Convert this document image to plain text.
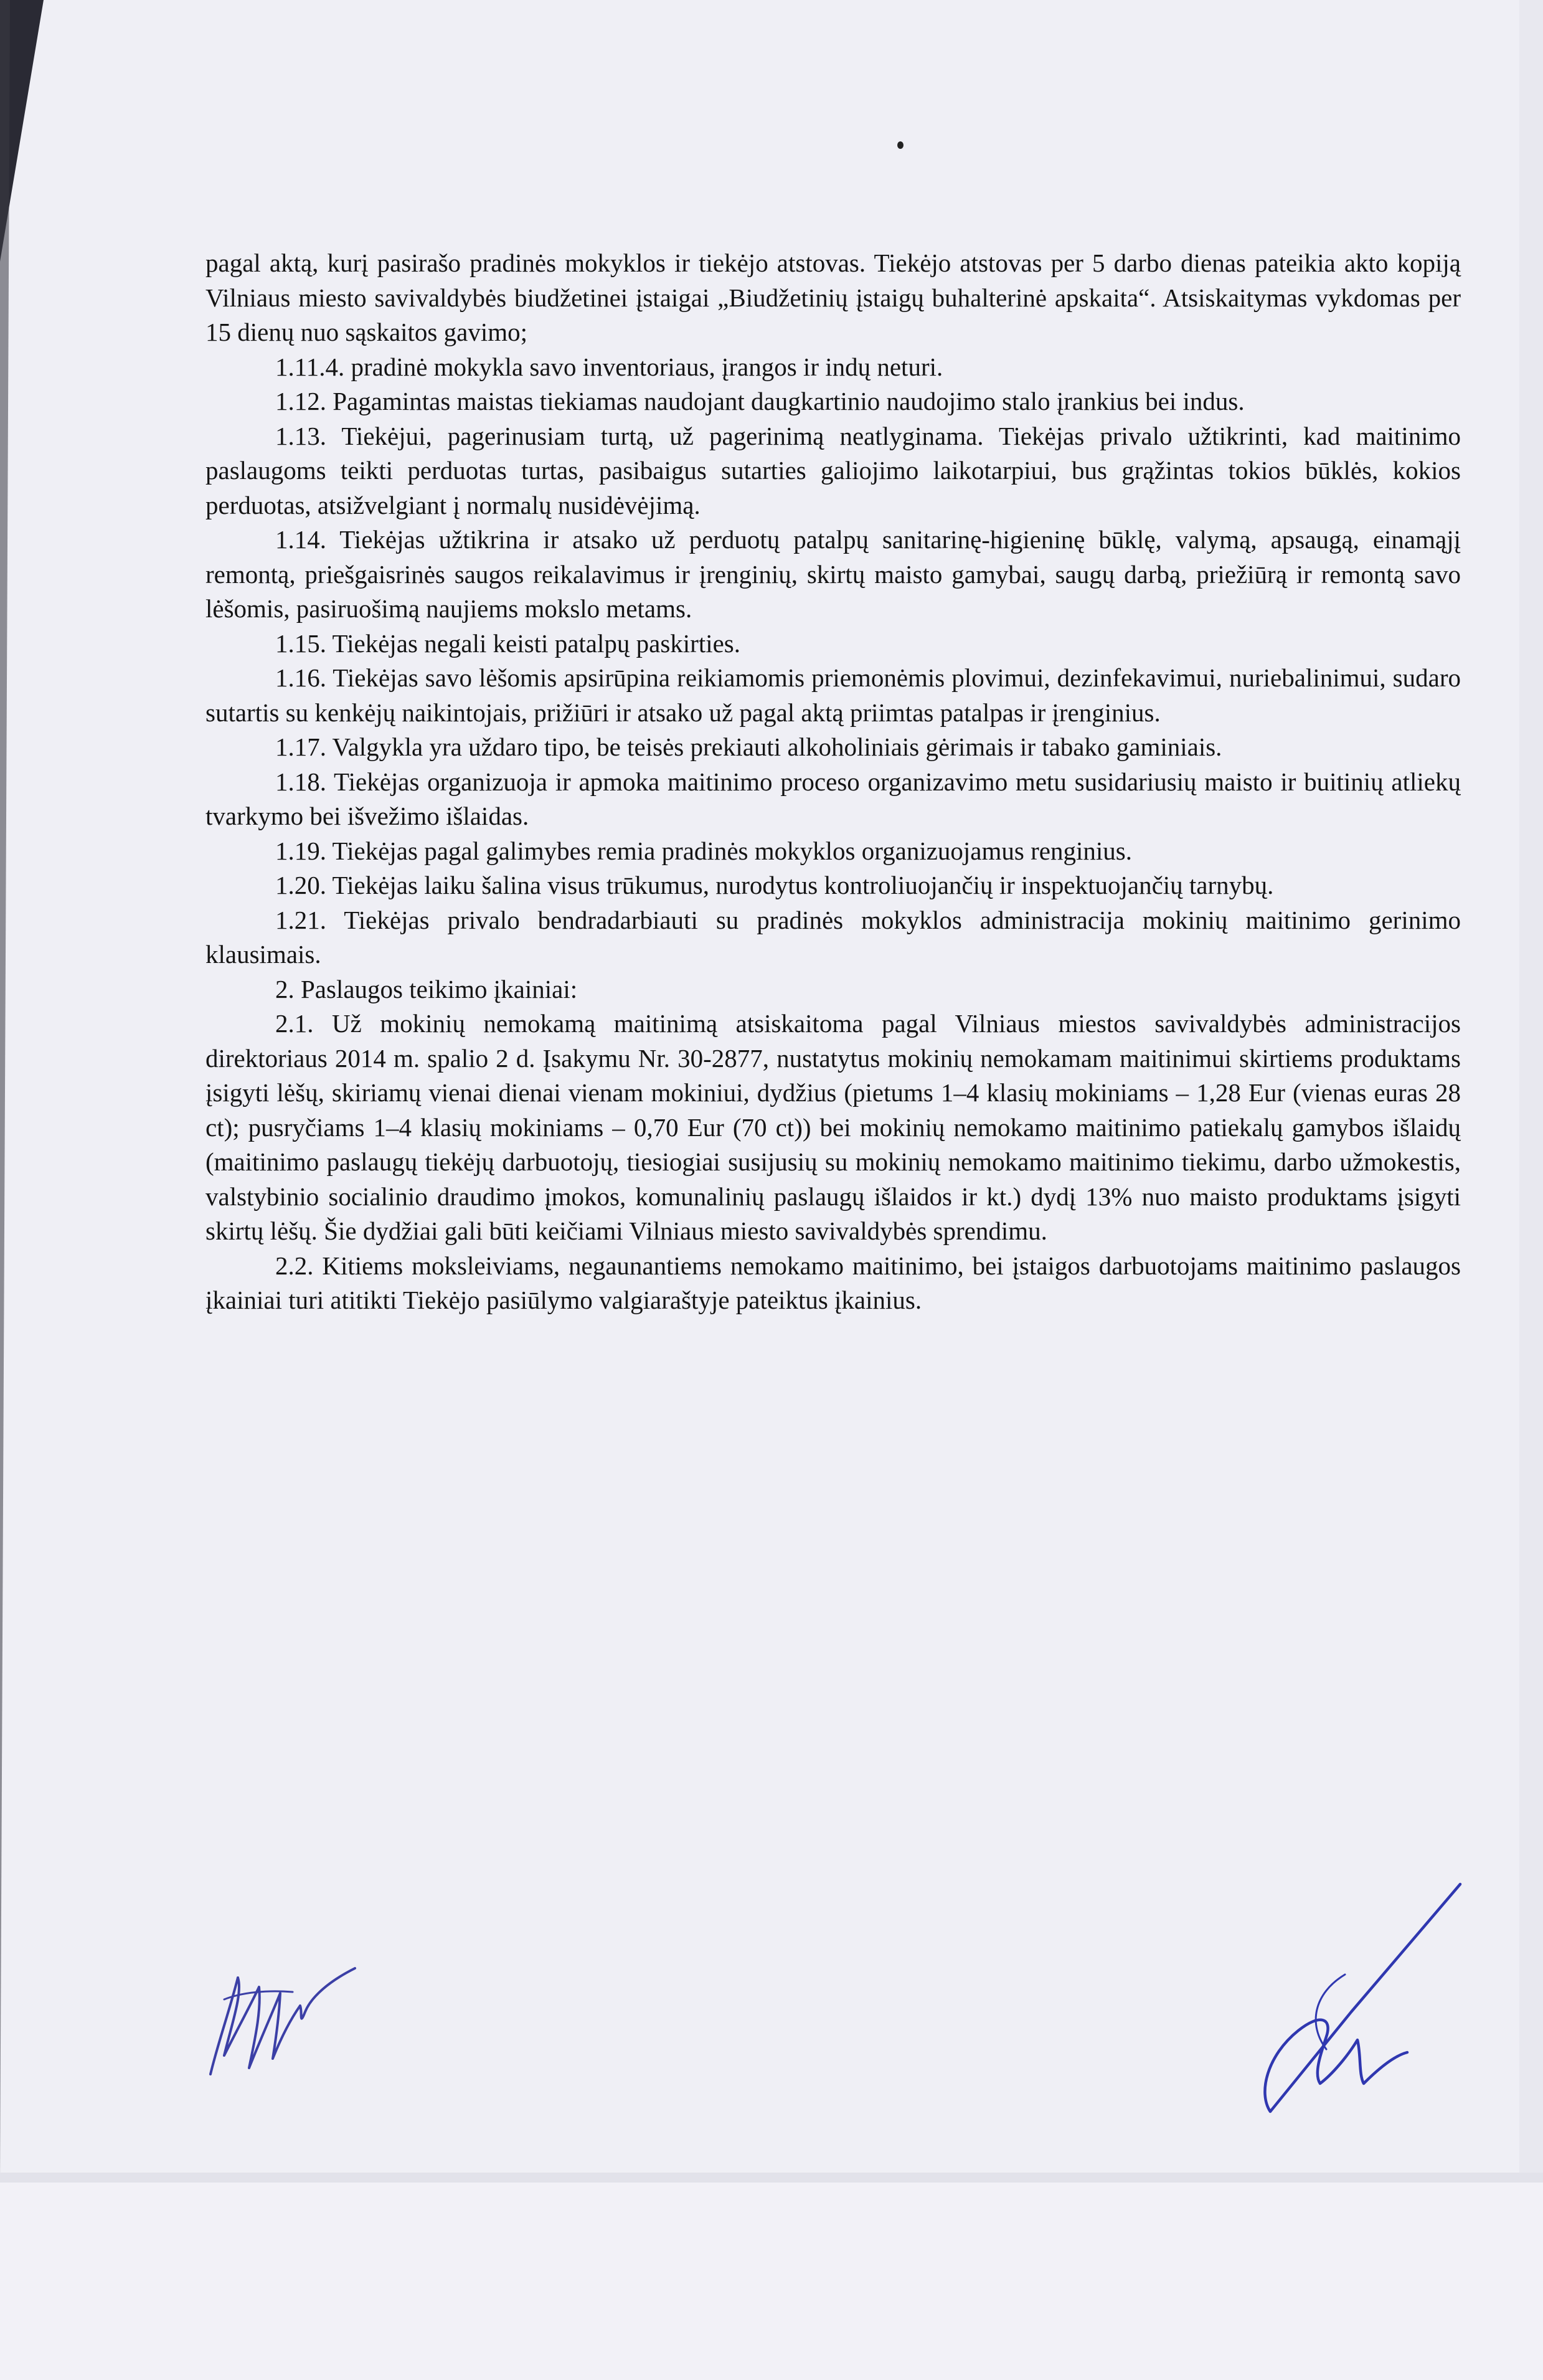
pagal aktą, kurį pasirašo pradinės mokyklos ir tiekėjo atstovas. Tiekėjo atstovas per 5 darbo dienas pateikia akto kopiją Vilniaus miesto savivaldybės biudžetinei įstaigai „Biudžetinių įstaigų buhalterinė apskaita“. Atsiskaitymas vykdomas per 15 dienų nuo sąskaitos gavimo;

1.11.4. pradinė mokykla savo inventoriaus, įrangos ir indų neturi.

1.12. Pagamintas maistas tiekiamas naudojant daugkartinio naudojimo stalo įrankius bei indus.

1.13. Tiekėjui, pagerinusiam turtą, už pagerinimą neatlyginama. Tiekėjas privalo užtikrinti, kad maitinimo paslaugoms teikti perduotas turtas, pasibaigus sutarties galiojimo laikotarpiui, bus grąžintas tokios būklės, kokios perduotas, atsižvelgiant į normalų nusidėvėjimą.

1.14. Tiekėjas užtikrina ir atsako už perduotų patalpų sanitarinę-higieninę būklę, valymą, apsaugą, einamąjį remontą, priešgaisrinės saugos reikalavimus ir įrenginių, skirtų maisto gamybai, saugų darbą, priežiūrą ir remontą savo lėšomis, pasiruošimą naujiems mokslo metams.

1.15. Tiekėjas negali keisti patalpų paskirties.

1.16. Tiekėjas savo lėšomis apsirūpina reikiamomis priemonėmis plovimui, dezinfekavimui, nuriebalinimui, sudaro sutartis su kenkėjų naikintojais, prižiūri ir atsako už pagal aktą priimtas patalpas ir įrenginius.

1.17. Valgykla yra uždaro tipo, be teisės prekiauti alkoholiniais gėrimais ir tabako gaminiais.

1.18. Tiekėjas organizuoja ir apmoka maitinimo proceso organizavimo metu susidariusių maisto ir buitinių atliekų tvarkymo bei išvežimo išlaidas.

1.19. Tiekėjas pagal galimybes remia pradinės mokyklos organizuojamus renginius.

1.20. Tiekėjas laiku šalina visus trūkumus, nurodytus kontroliuojančių ir inspektuojančių tarnybų.

1.21. Tiekėjas privalo bendradarbiauti su pradinės mokyklos administracija mokinių maitinimo gerinimo klausimais.

2. Paslaugos teikimo įkainiai:

2.1. Už mokinių nemokamą maitinimą atsiskaitoma pagal Vilniaus miestos savivaldybės administracijos direktoriaus 2014 m. spalio 2 d. Įsakymu Nr. 30-2877, nustatytus mokinių nemokamam maitinimui skirtiems produktams įsigyti lėšų, skiriamų vienai dienai vienam mokiniui, dydžius (pietums 1–4 klasių mokiniams – 1,28 Eur (vienas euras 28 ct); pusryčiams 1–4 klasių mokiniams – 0,70 Eur (70 ct)) bei mokinių nemokamo maitinimo patiekalų gamybos išlaidų (maitinimo paslaugų tiekėjų darbuotojų, tiesiogiai susijusių su mokinių nemokamo maitinimo tiekimu, darbo užmokestis, valstybinio socialinio draudimo įmokos, komunalinių paslaugų išlaidos ir kt.) dydį 13% nuo maisto produktams įsigyti skirtų lėšų. Šie dydžiai gali būti keičiami Vilniaus miesto savivaldybės sprendimu.

2.2. Kitiems moksleiviams, negaunantiems nemokamo maitinimo, bei įstaigos darbuotojams maitinimo paslaugos įkainiai turi atitikti Tiekėjo pasiūlymo valgiaraštyje pateiktus įkainius.
